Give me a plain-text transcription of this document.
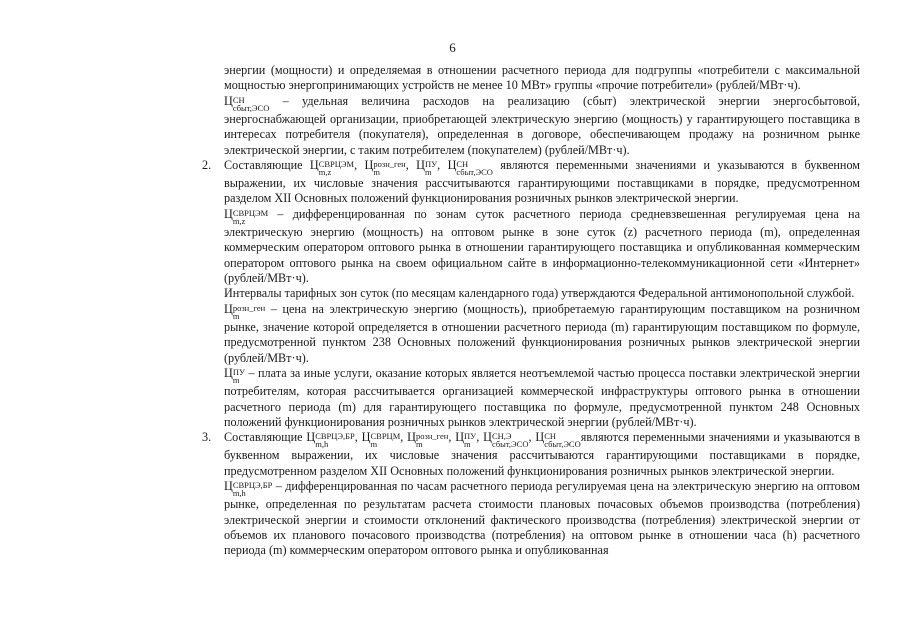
6

энергии (мощности) и определяемая в отношении расчетного периода для подгруппы «потребители с максимальной мощностью энергопринимающих устройств не менее 10 МВт» группы «прочие потребители» (рублей/МВт·ч).

Ц СН
сбыт,ЭСО – удельная величина расходов на реализацию (сбыт) электрической энергии энергосбытовой, энергоснабжающей организации, приобретающей электрическую энергию (мощность) у гарантирующего поставщика в интересах потребителя (покупателя), определенная в договоре, обеспечивающем продажу на розничном рынке электрической энергии, с таким потребителем (покупателем) (рублей/МВт·ч).

2. Составляющие Ц СВРЦЭМ
m,z	, Ц розн_ген
m	, Ц ПУ
m , Ц СН
сбыт,ЭСО являются переменными значениями и указываются в буквенном выражении, их числовые значения рассчитываются гарантирующими поставщиками в порядке, предусмотренном разделом XII Основных положений функционирования розничных рынков электрической энергии.

Ц СВРЦЭМ
m,z	– дифференцированная по зонам суток расчетного периода средневзвешенная регулируемая цена на электрическую энергию (мощность) на оптовом рынке в зоне суток (z) расчетного периода (m), определенная коммерческим оператором оптового рынка в отношении гарантирующего поставщика и опубликованная коммерческим оператором оптового рынка на своем официальном сайте в информационно-телекоммуникационной сети «Интернет» (рублей/МВт·ч).

Интервалы тарифных зон суток (по месяцам календарного года) утверждаются Федеральной антимонопольной службой.

Ц розн_ген
m	– цена на электрическую энергию (мощность), приобретаемую гарантирующим поставщиком на розничном рынке, значение которой определяется в отношении расчетного периода (m) гарантирующим поставщиком по формуле, предусмотренной пунктом 238 Основных положений функционирования розничных рынков электрической энергии (рублей/МВт·ч).

Ц ПУ
m – плата за иные услуги, оказание которых является неотъемлемой частью процесса поставки электрической энергии потребителям, которая рассчитывается организацией коммерческой инфраструктуры оптового рынка в отношении расчетного периода (m) для гарантирующего поставщика по формуле, предусмотренной пунктом 248 Основных положений функционирования розничных рынков электрической энергии (рублей/МВт·ч).

3. Составляющие Ц СВРЦЭ,БР
m,h	, Ц СВРЦМ
m	, Ц розн_ген
m	, Ц ПУ
m , Ц СН,Э
сбыт,ЭСО , Ц СН
сбыт,ЭСО являются переменными значениями и указываются в буквенном выражении, их числовые значения рассчитываются гарантирующими поставщиками в порядке, предусмотренном разделом XII Основных положений функционирования розничных рынков электрической энергии.

Ц СВРЦЭ,БР
m,h	– дифференцированная по часам расчетного периода регулируемая цена на электрическую энергию на оптовом рынке, определенная по результатам расчета стоимости плановых почасовых объемов производства (потребления) электрической энергии и стоимости отклонений фактического производства (потребления) электрической энергии от объемов их планового почасового производства (потребления) на оптовом рынке в отношении часа (h) расчетного периода (m) коммерческим оператором оптового рынка и опубликованная
